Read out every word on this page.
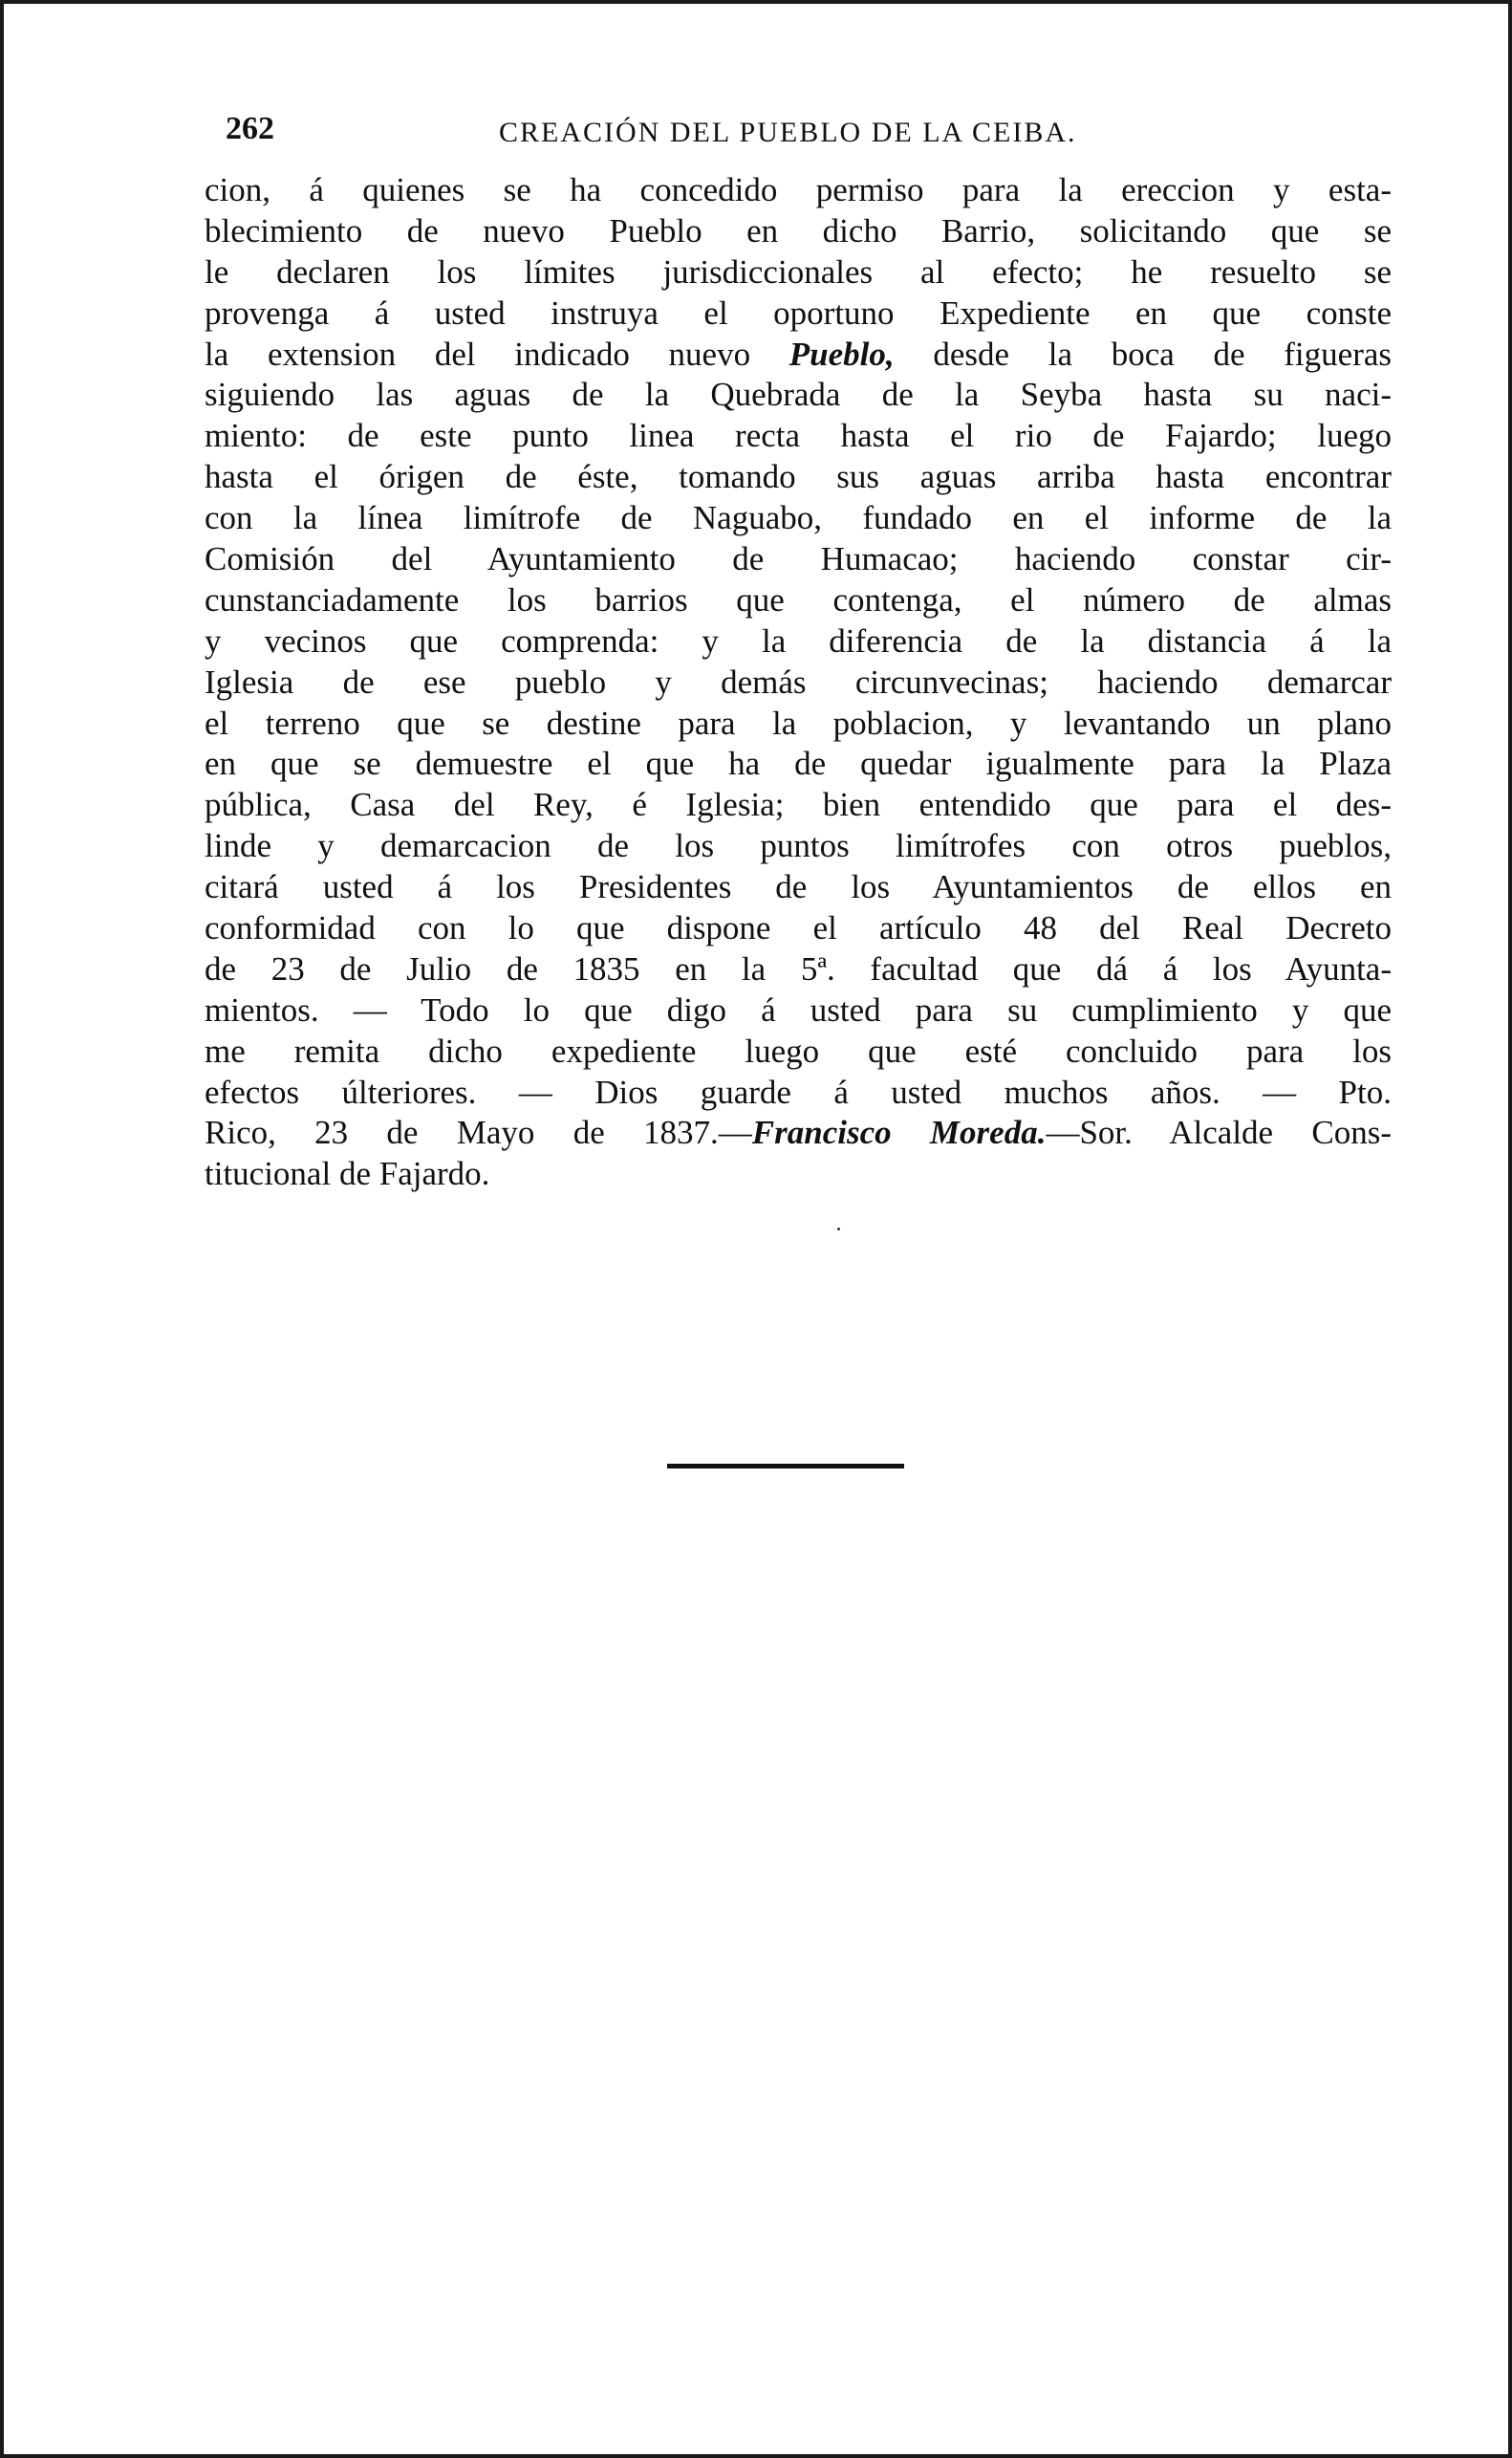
262	CREACIÓN DEL PUEBLO DE LA CEIBA.
cion, á quienes se ha concedido permiso para la ereccion y esta-
blecimiento de nuevo Pueblo en dicho Barrio, solicitando que se
le declaren los límites jurisdiccionales al efecto; he resuelto se
provenga á usted instruya el oportuno Expediente en que conste
la extension del indicado nuevo Pueblo, desde la boca de figueras
siguiendo las aguas de la Quebrada de la Seyba hasta su naci-
miento: de este punto linea recta hasta el rio de Fajardo; luego
hasta el órigen de éste, tomando sus aguas arriba hasta encontrar
con la línea limítrofe de Naguabo, fundado en el informe de la
Comisión del Ayuntamiento de Humacao; haciendo constar cir-
cunstanciadamente los barrios que contenga, el número de almas
y vecinos que comprenda: y la diferencia de la distancia á la
Iglesia de ese pueblo y demás circunvecinas; haciendo demarcar
el terreno que se destine para la poblacion, y levantando un plano
en que se demuestre el que ha de quedar igualmente para la Plaza
pública, Casa del Rey, é Iglesia; bien entendido que para el des-
linde y demarcacion de los puntos limítrofes con otros pueblos,
citará usted á los Presidentes de los Ayuntamientos de ellos en
conformidad con lo que dispone el artículo 48 del Real Decreto
de 23 de Julio de 1835 en la 5ª. facultad que dá á los Ayunta-
mientos. — Todo lo que digo á usted para su cumplimiento y que
me remita dicho expediente luego que esté concluido para los
efectos últeriores. — Dios guarde á usted muchos años. — Pto.
Rico, 23 de Mayo de 1837.—Francisco Moreda.—Sor. Alcalde Cons-
titucional de Fajardo.
